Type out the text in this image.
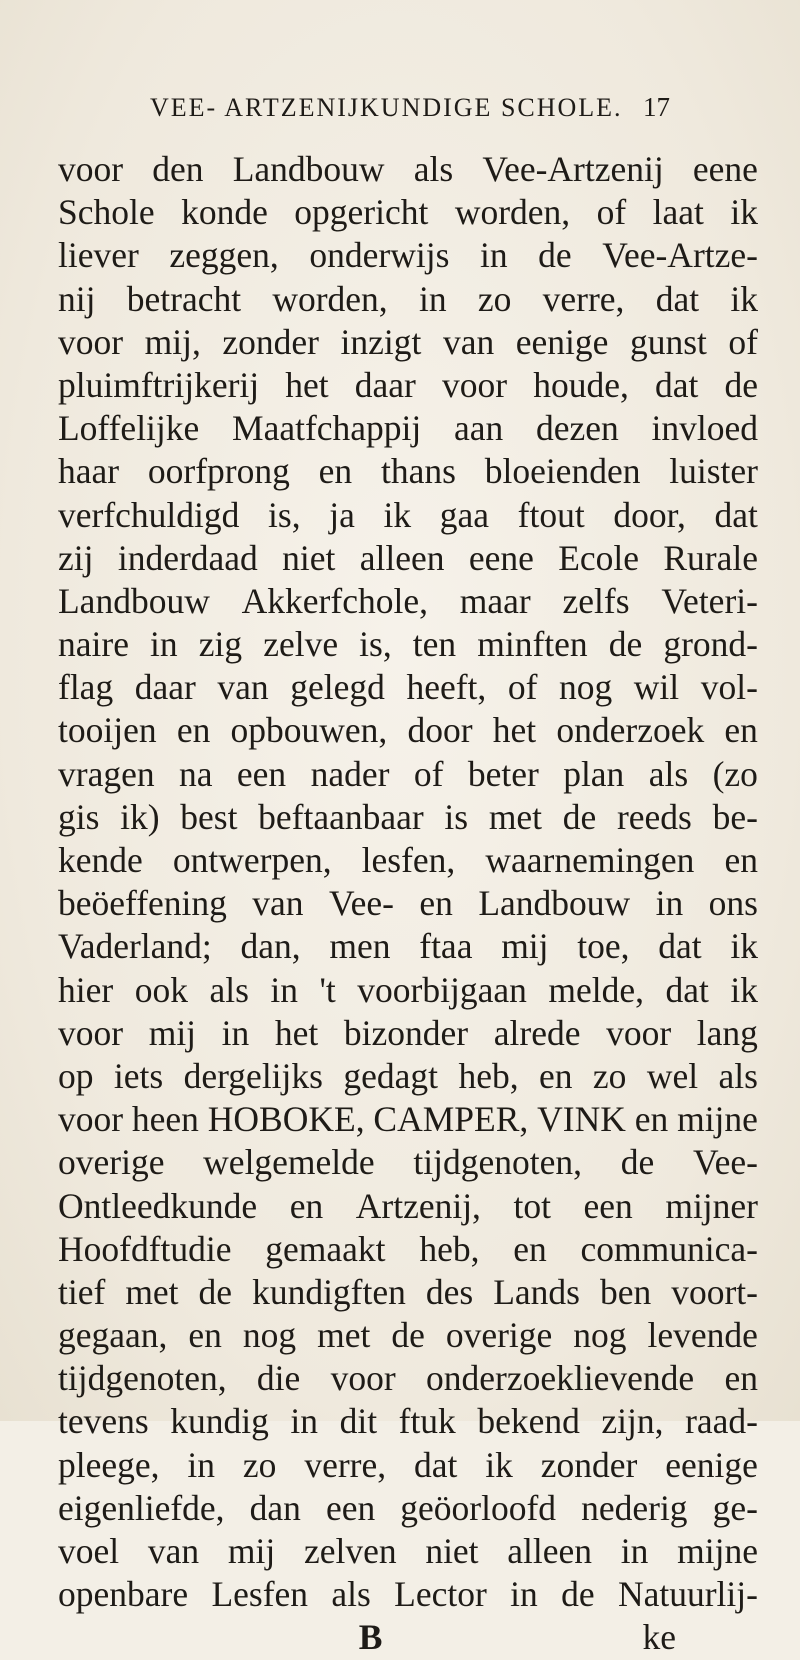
VEE- ARTZENIJKUNDIGE SCHOLE. 17
voor den Landbouw als Vee-Artzenij eene
Schole konde opgericht worden, of laat ik
liever zeggen, onderwijs in de Vee-Artze-
nij betracht worden, in zo verre, dat ik
voor mij, zonder inzigt van eenige gunst of
pluimftrijkerij het daar voor houde, dat de
Loffelijke Maatfchappij aan dezen invloed
haar oorfprong en thans bloeienden luister
verfchuldigd is, ja ik gaa ftout door, dat
zij inderdaad niet alleen eene Ecole Rurale
Landbouw Akkerfchole, maar zelfs Veteri-
naire in zig zelve is, ten minften de grond-
flag daar van gelegd heeft, of nog wil vol-
tooijen en opbouwen, door het onderzoek en
vragen na een nader of beter plan als (zo
gis ik) best beftaanbaar is met de reeds be-
kende ontwerpen, lesfen, waarnemingen en
beöeffening van Vee- en Landbouw in ons
Vaderland; dan, men ftaa mij toe, dat ik
hier ook als in 't voorbijgaan melde, dat ik
voor mij in het bizonder alrede voor lang
op iets dergelijks gedagt heb, en zo wel als
voor heen HOBOKE, CAMPER, VINK en mijne
overige welgemelde tijdgenoten, de Vee-
Ontleedkunde en Artzenij, tot een mijner
Hoofdftudie gemaakt heb, en communica-
tief met de kundigften des Lands ben voort-
gegaan, en nog met de overige nog levende
tijdgenoten, die voor onderzoeklievende en
tevens kundig in dit ftuk bekend zijn, raad-
pleege, in zo verre, dat ik zonder eenige
eigenliefde, dan een geöorloofd nederig ge-
voel van mij zelven niet alleen in mijne
openbare Lesfen als Lector in de Natuurlij-
B	ke
